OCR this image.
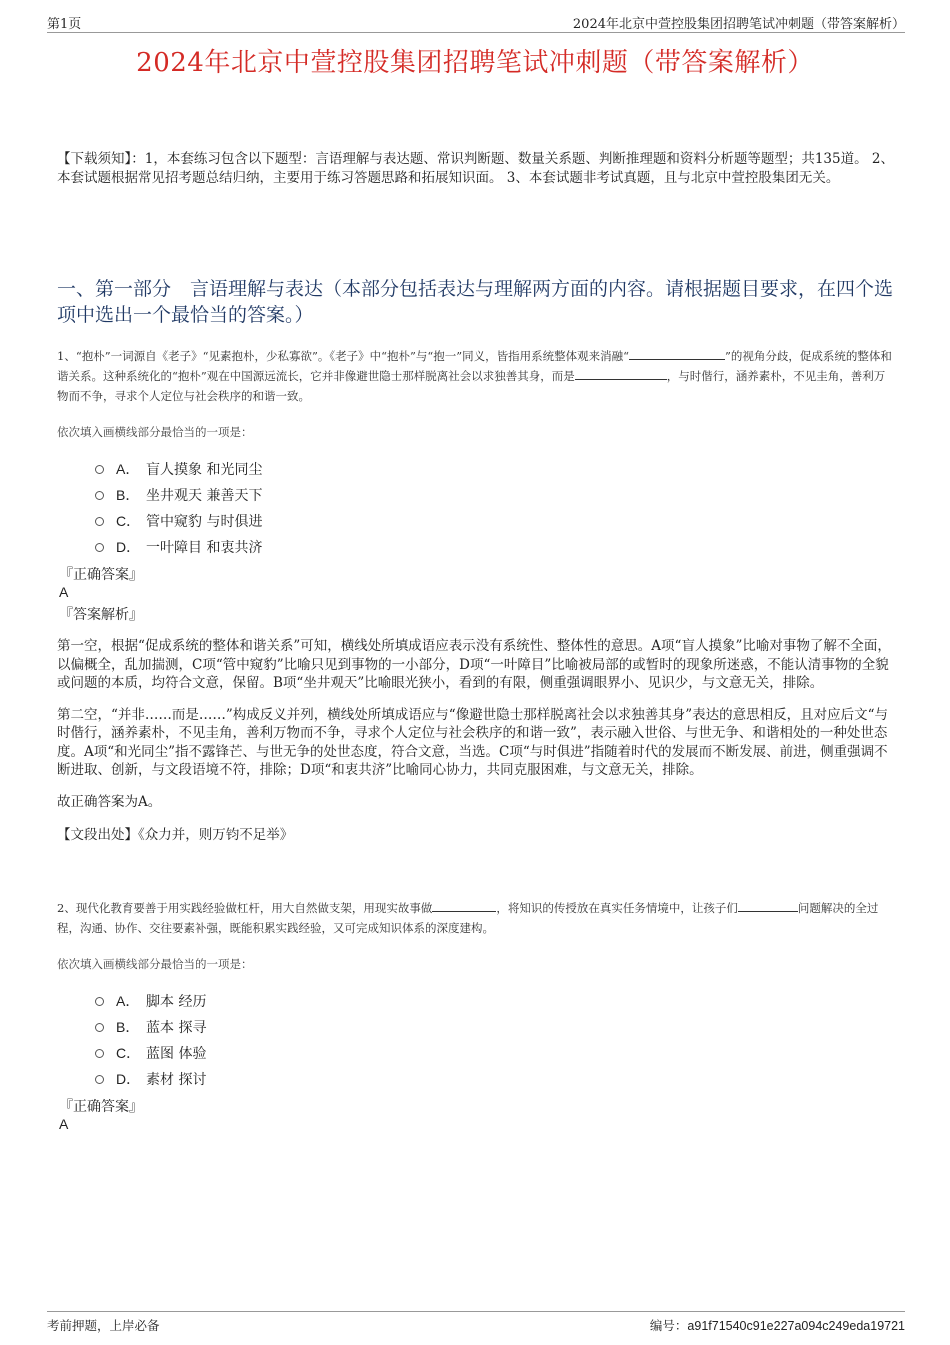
第1页	2024年北京中萱控股集团招聘笔试冲刺题（带答案解析）
2024年北京中萱控股集团招聘笔试冲刺题（带答案解析）
【下载须知】：1，本套练习包含以下题型：言语理解与表达题、常识判断题、数量关系题、判断推理题和资料分析题等题型；共135道。 2、本套试题根据常见招考题总结归纳，主要用于练习答题思路和拓展知识面。 3、本套试题非考试真题，且与北京中萱控股集团无关。
一、第一部分　言语理解与表达（本部分包括表达与理解两方面的内容。请根据题目要求，在四个选项中选出一个最恰当的答案。）
1、“抱朴”一词源自《老子》“见素抱朴，少私寡欲”。《老子》中“抱朴”与“抱一”同义，皆指用系统整体观来消融“	”的视角分歧，促成系统的整体和谐关系。这种系统化的“抱朴”观在中国源远流长，它并非像避世隐士那样脱离社会以求独善其身，而是	，与时偕行，涵养素朴，不见圭角，善利万物而不争，寻求个人定位与社会秩序的和谐一致。
依次填入画横线部分最恰当的一项是：
A． 盲人摸象 和光同尘
B． 坐井观天 兼善天下
C． 管中窥豹 与时俱进
D． 一叶障目 和衷共济
『正确答案』
A
『答案解析』

第一空，根据“促成系统的整体和谐关系”可知，横线处所填成语应表示没有系统性、整体性的意思。A项“盲人摸象”比喻对事物了解不全面，以偏概全，乱加揣测，C项“管中窥豹”比喻只见到事物的一小部分，D项“一叶障目”比喻被局部的或暂时的现象所迷惑，不能认清事物的全貌或问题的本质，均符合文意，保留。B项“坐井观天”比喻眼光狭小，看到的有限，侧重强调眼界小、见识少，与文意无关，排除。

第二空，“并非……而是……”构成反义并列，横线处所填成语应与“像避世隐士那样脱离社会以求独善其身”表达的意思相反，且对应后文“与时偕行，涵养素朴，不见圭角，善利万物而不争，寻求个人定位与社会秩序的和谐一致”，表示融入世俗、与世无争、和谐相处的一种处世态度。A项“和光同尘”指不露锋芒、与世无争的处世态度，符合文意，当选。C项“与时俱进”指随着时代的发展而不断发展、前进，侧重强调不断进取、创新，与文段语境不符，排除；D项“和衷共济”比喻同心协力，共同克服困难，与文意无关，排除。

故正确答案为A。

【文段出处】《众力并，则万钧不足举》
2、现代化教育要善于用实践经验做杠杆，用大自然做支架，用现实故事做	，将知识的传授放在真实任务情境中，让孩子们	问题解决的全过程，沟通、协作、交往要素补强，既能积累实践经验，又可完成知识体系的深度建构。
依次填入画横线部分最恰当的一项是：
A． 脚本 经历
B． 蓝本 探寻
C． 蓝图 体验
D． 素材 探讨
『正确答案』
A
考前押题，上岸必备	编号：a91f71540c91e227a094c249eda19721
